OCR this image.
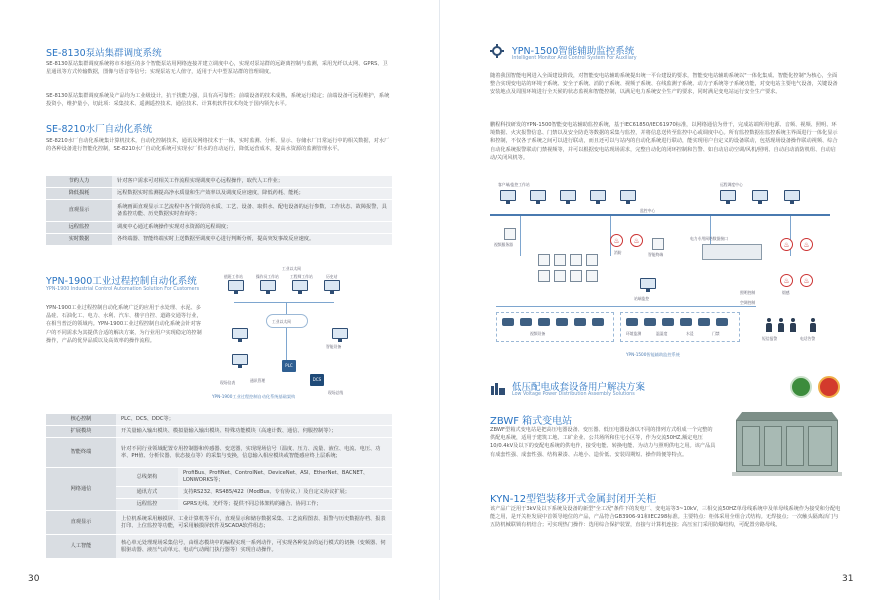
SE-8130泵站集群调度系统
SE-8130泵站集群调度系统将市本地区的多个智能泵站用网络连接并建立调度中心，实现对泵站群的远距离控制与监测，采用光纤以太网、GPRS、卫星通讯等方式传输数据，图像与语音等信号；实现泵站无人值守，适用于大中型泵站群的管理调度。
SE-8130泵站集群调度系统及产品均为工业级设计，抗干扰能力强，具有高可靠性；前端设备的技术成熟，系统运行稳定；前端设备可远程维护，系统投资小，维护量小，切此项：采集技术、遥测遥控技术、通信技术、计算机软件技术均处于国内领先水平。
SE-8210水厂自动化系统
SE-8210水厂自动化系统集计算机技术，自动化控制技术，通讯及网络技术于一体，实时监测、分析、显示、存储水厂日常运行中的相关数据，对水厂的各种设备进行智能化控制，SE-8210水厂自动化系统可实现水厂供水的自动运行，降低运营成本，提高水资源的监测管理水平。
节约人力	针对客户需求可对相关工作流程实现调度中心远程操作，取代人工作业；
降低损耗	远程数据实时监测提高净水质量和生产效率以及调度反应速度，降低药耗、能耗；
直观显示	系统画面直观显示工艺流程中各个阶段的水质、工艺、设备、取供水、配电设备的运行参数、工作状态、故障报警，具备监控功能、历史数据实时查询等；
远程监控	调度中心通过系统操作实现对水资源的远程调度；
实时数据	各终端器、智能终端实时上送数据至调度中心进行判断分析，提高突发事故反应速度。
YPN-1900工业过程控制自动化系统
YPN-1900 Industrial Control Automation Solution For Customers
YPN-1900工业过程控制自动化系统广泛的应用于水处理、水泥、多晶硅、石油化工、电力、水利、汽车、楼宇自控、道路交通等行业，在相当普泛的领域内。YPN-1900工业过程控制自动化系统会针对客户的不同需求为其提供合适的解决方案，为行业用户实现稳定的控制操作，产品的优异品质以及高效率的操作流程。
值班工作站	操作员工作站	工程师工作站	历史站
工业以太网
工业以太网
PLC
DCS
现场仪表
智能设备
通讯管理
现场总线
YPN-1900工业过程控制自动化系统基础架构
核心控制	PLC、DCS、DDC等；	
扩展模块	开关量输入输出模块、模拟量输入输出模块、特殊功能模块（高速计数、通信、伺服控制等）；	
智能终端	针对不同行业领域配置专用控制器和传感器、变送器，实现现场信号（温度、压力、流量、液位、电流、电压、功率、PH值、分析仪器、状态接点等）的采集与变换，信息输入相应模块或智能感应终上层系统；	
网络通信	总线架构	ProfiBus、ProfiNet、ControlNet、DeviceNet、ASI、EtherNet、BACNET、LONWORKS等；
	通讯方式	支持RS232、RS485/422（ModBus、专有协议、）及自定义协议扩展；
	远程监控	GPRS无线、光纤等；提供不同总体架构的融合、协同工作；
直观显示	上位机系统采用触摸屏、工业计算机等平台，直观显示和储存数据采集、工艺流程图表、报警与历史数据存档、报表打印、上位监控等功能，可采用触摸屏软件及SCADA软件组态；	
人工智能	核心单元处理现场采集信号，由组态模块中的编程实现一系列动作，可实现各种复杂的运行模式的切换（变频器、伺服驱动器、液压气动单元、电动气动阀门执行器等）实现自动操作。	
30
YPN-1500智能辅助监控系统
Intelligent Monitor And Control System For Auxiliary
随着我国智能电网进入全面建设阶段，对智能变电站辅助系统提出统一平台建设的要求，智能变电站辅助系统以"一体化集成、智能化控制"为核心，全面整合实现变电站的环境子系统、安全子系统、消防子系统、视频子系统、在线监测子系统、动力子系统等子系统功能，对变电站主要电气设备，关键设备安装地点及周围环境进行全天候的状态监视和智能控制，以满足电力系统安全生产的要求，同时满足变电站运行安全生产要求。
鹏程科技研发的YPN-1500智能变电站辅助监控系统，基于IEC61850/IEC61970标准，以网络通信为骨干，完成站端所用电源、音频、视频、照明、环境数据、火灾报警信息、门禁以及安全防范等数据的采集与监控，并将信息送传至监控中心或调度中心。所有监控数据在监控系统主界面进行一体化显示和控制，不仅各子系统之间可以进行联动，而且还可以与站内的自动化系统进行联动，能实现用户自定义的设备联动，包括现场设备操作联动视频、综合自动化系统报警联动门禁视频等，并可以根据变电站现场需求，完整自动化的闭环控制和告警、如自动启动空调/风机/照明、自动启动消防机组、自动启动/关闭风机等。
客户端/监控工作站	远程调度中心
监控中心
视频服务器	♨	♨
消防	智能终端
电力专用网络数据接口
♨	♨
♨	♨
烟感
站端监控
视频设备	环境监测	温湿度	水浸	门禁
短信报警	电话告警
空调控制
照明控制
YPN-1500智能辅助监控系统
低压配电成套设备用户解决方案
Low Voltage Power Distribution Assembly Solutions
ZBWF 箱式变电站
ZBWF型箱式变电站是把高压电器设备、变压器、低压电器设备以不同的排列方式组成一个完整的供配电系统，适用于建筑工地、工矿企业、公共场所和住宅小区等，作为交流50HZ,额定电压10/0.4kV及以下的变配电系统的供电作，接受电能、转换电能、为动力与照明供电之用。该产品具有成套性强、成套性强、结构紧凑、占地小、造价低、安装周期短、操作简便等特点。
KYN-12型铠装移开式金属封闭开关柜
该产品广泛用于3kV及以下系统及设备的新型"全工况"条件下的发电厂、变电站等3~10kV，三相交流50HZ单母线系统中及单母线系统作为接受和分配电能之用，是开关柜发展中首领导地位的产品，产品符合GB3906-91和IEC298标准。主要特点：柜体采用全组合式结构。无焊接点；一次触头隔离活门与五防机械联锁有机结合；可实现热门操作：选用综合保护装置，直接与计算机连接；高压室门采用防爆结构，可配置旁路母线。
31
